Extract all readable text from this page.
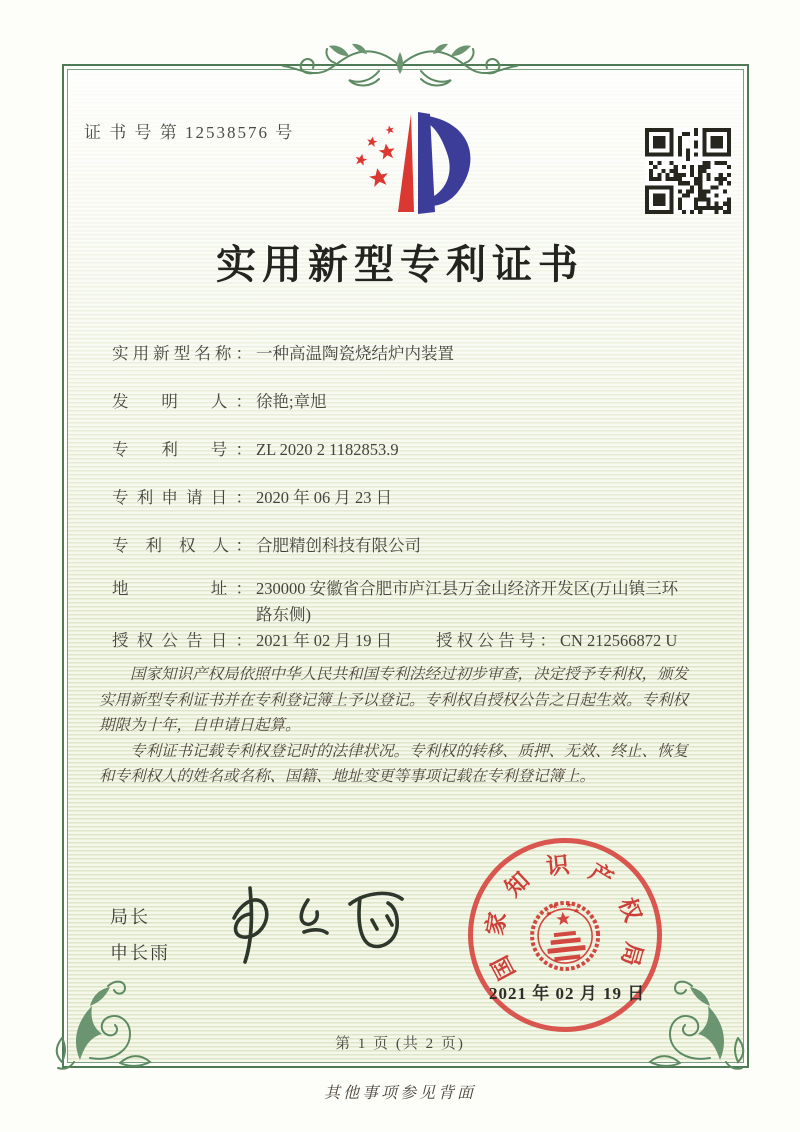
证 书 号 第 12538576 号
实用新型专利证书
实用新型名称： 一种高温陶瓷烧结炉内装置
发　明　人： 徐艳;章旭
专　利　号： ZL 2020 2 1182853.9
专利申请日： 2020 年 06 月 23 日
专 利 权 人： 合肥精创科技有限公司
地　　　址： 230000 安徽省合肥市庐江县万金山经济开发区(万山镇三环路东侧)
授权公告日： 2021 年 02 月 19 日	授权公告号： CN 212566872 U

国家知识产权局依照中华人民共和国专利法经过初步审查，决定授予专利权，颁发实用新型专利证书并在专利登记簿上予以登记。专利权自授权公告之日起生效。专利权期限为十年，自申请日起算。

专利证书记载专利权登记时的法律状况。专利权的转移、质押、无效、终止、恢复和专利权人的姓名或名称、国籍、地址变更等事项记载在专利登记簿上。

局长
申长雨	国
家
知
识 产
权
局
2021 年 02 月 19 日
第 1 页 (共 2 页)
其他事项参见背面
